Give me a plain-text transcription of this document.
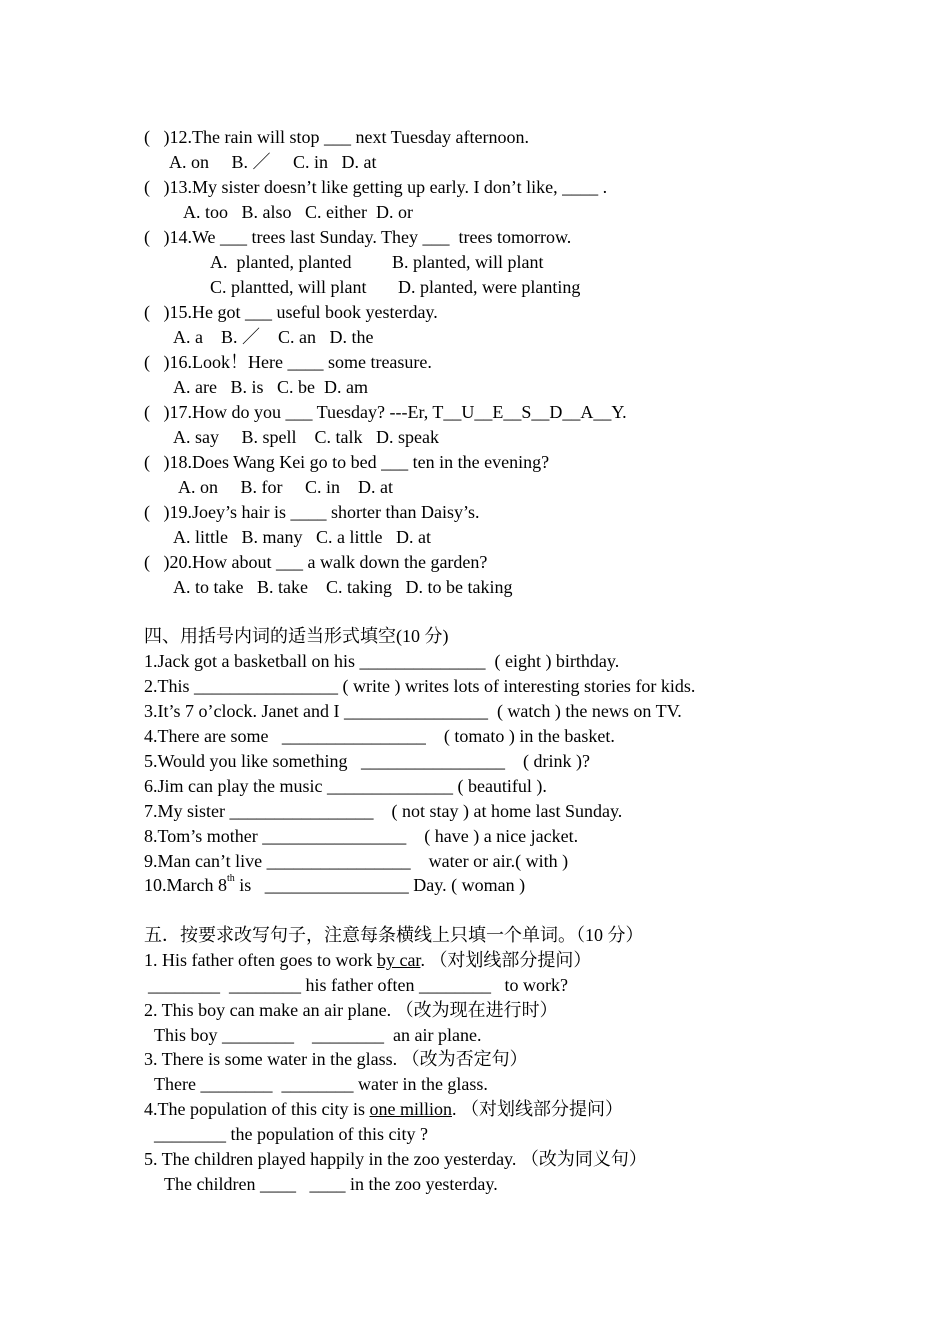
(   )12.The rain will stop ___ next Tuesday afternoon.
A. on     B. ／     C. in   D. at
(   )13.My sister doesn’t like getting up early. I don’t like, ____ .
A. too   B. also   C. either  D. or
(   )14.We ___ trees last Sunday. They ___  trees tomorrow.
A.  planted, planted         B. planted, will plant
C. plantted, will plant       D. planted, were planting
(   )15.He got ___ useful book yesterday.
A. a    B. ／    C. an   D. the
(   )16.Look！Here ____ some treasure.
A. are   B. is   C. be  D. am
(   )17.How do you ___ Tuesday? ---Er, T__U__E__S__D__A__Y.
A. say     B. spell    C. talk   D. speak
(   )18.Does Wang Kei go to bed ___ ten in the evening?
A. on     B. for     C. in    D. at
(   )19.Joey’s hair is ____ shorter than Daisy’s.
A. little   B. many   C. a little   D. at
(   )20.How about ___ a walk down the garden?
A. to take   B. take    C. taking   D. to be taking
四、用括号内词的适当形式填空(10 分)
1.Jack got a basketball on his ______________  ( eight ) birthday.
2.This ________________ ( write ) writes lots of interesting stories for kids.
3.It’s 7 o’clock. Janet and I ________________  ( watch ) the news on TV.
4.There are some   ________________    ( tomato ) in the basket.
5.Would you like something   ________________    ( drink )?
6.Jim can play the music ______________ ( beautiful ).
7.My sister ________________    ( not stay ) at home last Sunday.
8.Tom’s mother ________________    ( have ) a nice jacket.
9.Man can’t live ________________    water or air.( with )
10.March 8th is   ________________ Day. ( woman )
五．按要求改写句子，注意每条横线上只填一个单词。（10 分）
1. His father often goes to work by car. （对划线部分提问）
________  ________ his father often ________   to work?
2. This boy can make an air plane. （改为现在进行时）
This boy ________    ________  an air plane.
3. There is some water in the glass. （改为否定句）
There ________  ________ water in the glass.
4.The population of this city is one million. （对划线部分提问）
________ the population of this city ?
5. The children played happily in the zoo yesterday. （改为同义句）
The children ____   ____ in the zoo yesterday.
